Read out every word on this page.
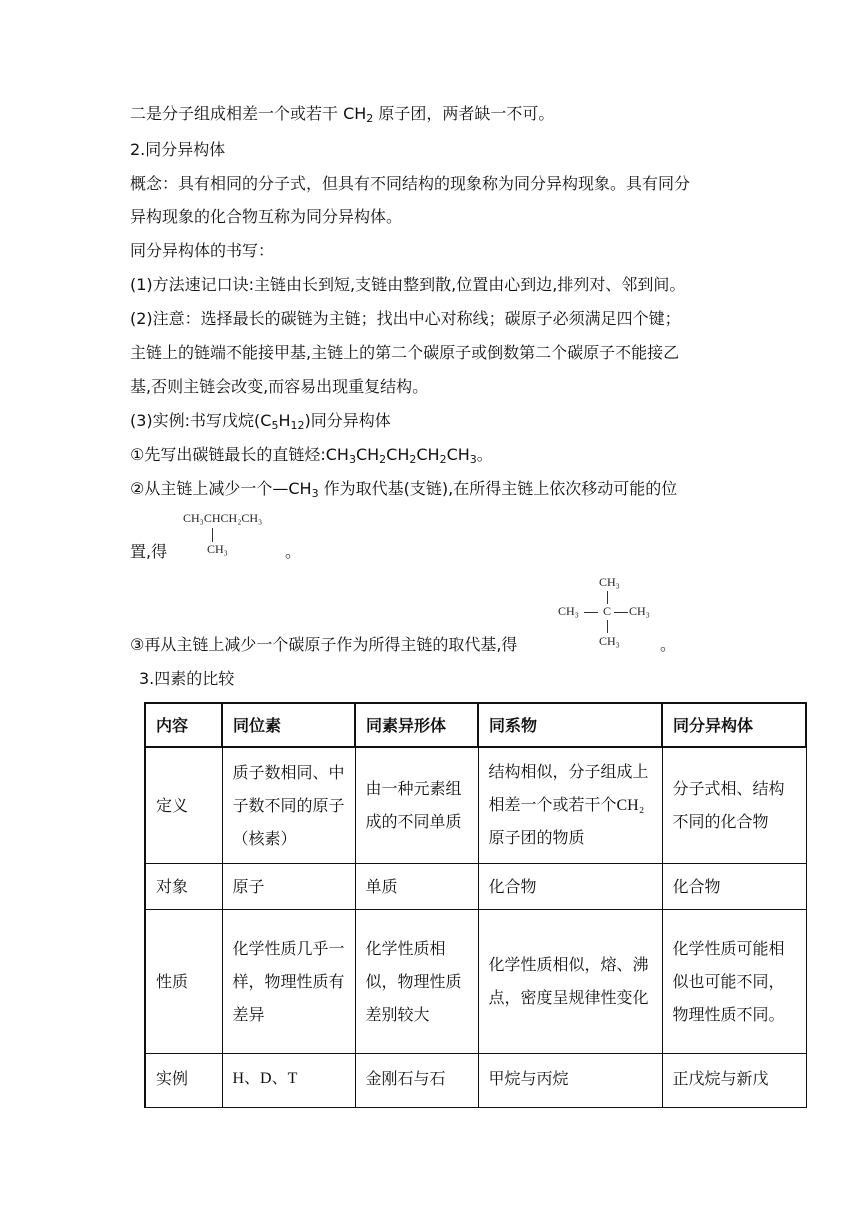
二是分子组成相差一个或若干 $CH_2$ 原子团，两者缺一不可。
2.同分异构体
概念：具有相同的分子式，但具有不同结构的现象称为同分异构现象。具有同分
异构现象的化合物互称为同分异构体。
同分异构体的书写：
(1)方法速记口诀:主链由长到短,支链由整到散,位置由心到边,排列对、邻到间。
(2)注意：选择最长的碳链为主链；找出中心对称线；碳原子必须满足四个键；
主链上的链端不能接甲基,主链上的第二个碳原子或倒数第二个碳原子不能接乙
基,否则主链会改变,而容易出现重复结构。
(3)实例:书写戊烷$(C_5H_{12})$同分异构体
①先写出碳链最长的直链烃$:CH_3CH_2CH_2CH_2CH_3$。
②从主链上减少一个$—CH_3$ 作为取代基(支链),在所得主链上依次移动可能的位
置,得	。
CH₃CHCH₂CH₃
CH₃
③再从主链上减少一个碳原子作为所得主链的取代基,得	。
CH₃
CH₃ C CH₃
CH₃
3.四素的比较
内容	同位素	同素异形体	同系物	同分异构体
定义	质子数相同、中子数不同的原子（核素）	由一种元素组成的不同单质	结构相似，分子组成上相差一个或若干个CH₂原子团的物质	分子式相、结构不同的化合物
对象	原子	单质	化合物	化合物
性质	化学性质几乎一样，物理性质有差异	化学性质相似，物理性质差别较大	化学性质相似，熔、沸点，密度呈规律性变化	化学性质可能相似也可能不同，物理性质不同。
实例	H、D、T	金刚石与石	甲烷与丙烷	正戊烷与新戊
